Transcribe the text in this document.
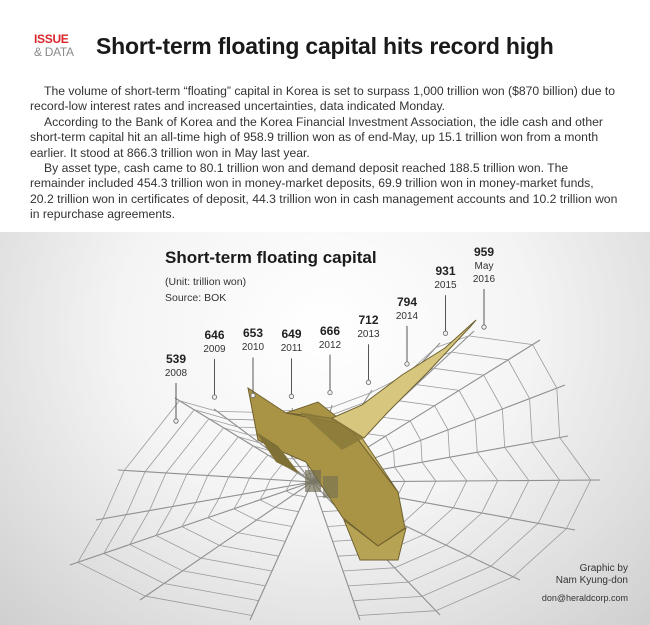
ISSUE
& DATA Short-term floating capital hits record high

The volume of short-term “floating” capital in Korea is set to surpass 1,000 trillion won ($870 billion) due to record-low interest rates and increased uncertainties, data indicated Monday.

According to the Bank of Korea and the Korea Financial Investment Association, the idle cash and other short-term capital hit an all-time high of 958.9 trillion won as of end-May, up 15.1 trillion won from a month earlier. It stood at 866.3 trillion won in May last year.

By asset type, cash came to 80.1 trillion won and demand deposit reached 188.5 trillion won. The remainder included 454.3 trillion won in money-market deposits, 69.9 trillion won in money-market funds, 20.2 trillion won in certificates of deposit, 44.3 trillion won in cash management accounts and 10.2 trillion won in repurchase agreements.

Short-term floating capital
(Unit: trillion won)
Source: BOK
539
2008
646
2009
653
2010
649
2011
666
2012
712
2013
794
2014
931
2015
959
May
2016
Graphic by
Nam Kyung-don
don@heraldcorp.com
